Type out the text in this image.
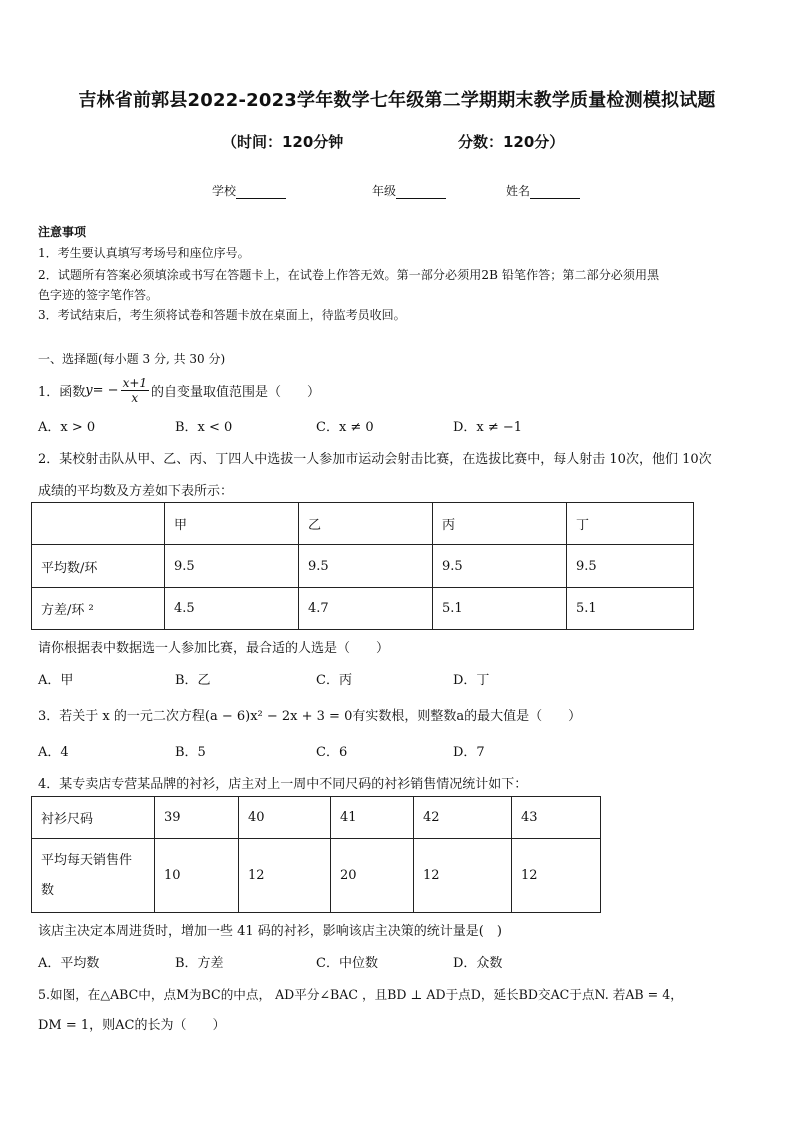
吉林省前郭县2022-2023学年数学七年级第二学期期末教学质量检测模拟试题
（时间：120分钟	分数：120分）
学校	年级	姓名
注意事项
1．考生要认真填写考场号和座位序号。
2．试题所有答案必须填涂或书写在答题卡上，在试卷上作答无效。第一部分必须用2B 铅笔作答；第二部分必须用黑
色字迹的签字笔作答。
3．考试结束后，考生须将试卷和答题卡放在桌面上，待监考员收回。
一、选择题(每小题 3 分, 共 30 分)
1．函数 y = − $\frac{x+1}{x}$ 的自变量取值范围是（　　）
A．x > 0	B．x < 0	C．x ≠ 0	D．x ≠ −1
2．某校射击队从甲、乙、丙、丁四人中选拔一人参加市运动会射击比赛，在选拔比赛中，每人射击 10次，他们 10次
成绩的平均数及方差如下表所示：
	甲	乙	丙	丁
平均数/环	9.5	9.5	9.5	9.5
方差/环 ²	4.5	4.7	5.1	5.1
请你根据表中数据选一人参加比赛，最合适的人选是（　　）
A．甲	B．乙	C．丙	D．丁
3．若关于 x 的一元二次方程(a − 6)x² − 2x + 3 = 0有实数根，则整数a的最大值是（　　）
A．4	B．5	C．6	D．7
4．某专卖店专营某品牌的衬衫，店主对上一周中不同尺码的衬衫销售情况统计如下：
衬衫尺码	39	40	41	42	43
平均每天销售件
数	10	12	20	12	12
该店主决定本周进货时，增加一些 41 码的衬衫，影响该店主决策的统计量是(　)
A．平均数	B．方差	C．中位数	D．众数
5.如图，在△ABC中，点M为BC的中点， AD平分∠BAC ，且BD ⊥ AD于点D，延长BD交AC于点N. 若AB = 4，
DM = 1，则AC的长为（　　）
